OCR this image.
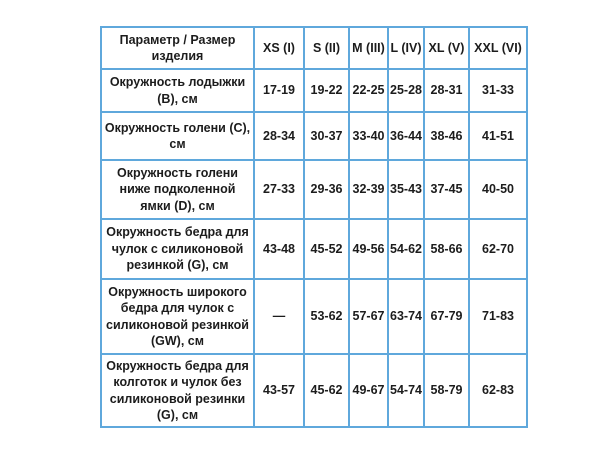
Параметр / Размер изделия	XS (I)	S (II)	M (III)	L (IV)	XL (V)	XXL (VI)
Окружность лодыжки (B), см	17-19	19-22	22-25	25-28	28-31	31-33
Окружность голени (C), см	28-34	30-37	33-40	36-44	38-46	41-51
Окружность голени ниже подколенной ямки (D), см	27-33	29-36	32-39	35-43	37-45	40-50
Окружность бедра для чулок с силиконовой резинкой (G), см	43-48	45-52	49-56	54-62	58-66	62-70
Окружность широкого бедра для чулок с силиконовой резинкой (GW), см	—	53-62	57-67	63-74	67-79	71-83
Окружность бедра для колготок и чулок без силиконовой резинки (G), см	43-57	45-62	49-67	54-74	58-79	62-83
